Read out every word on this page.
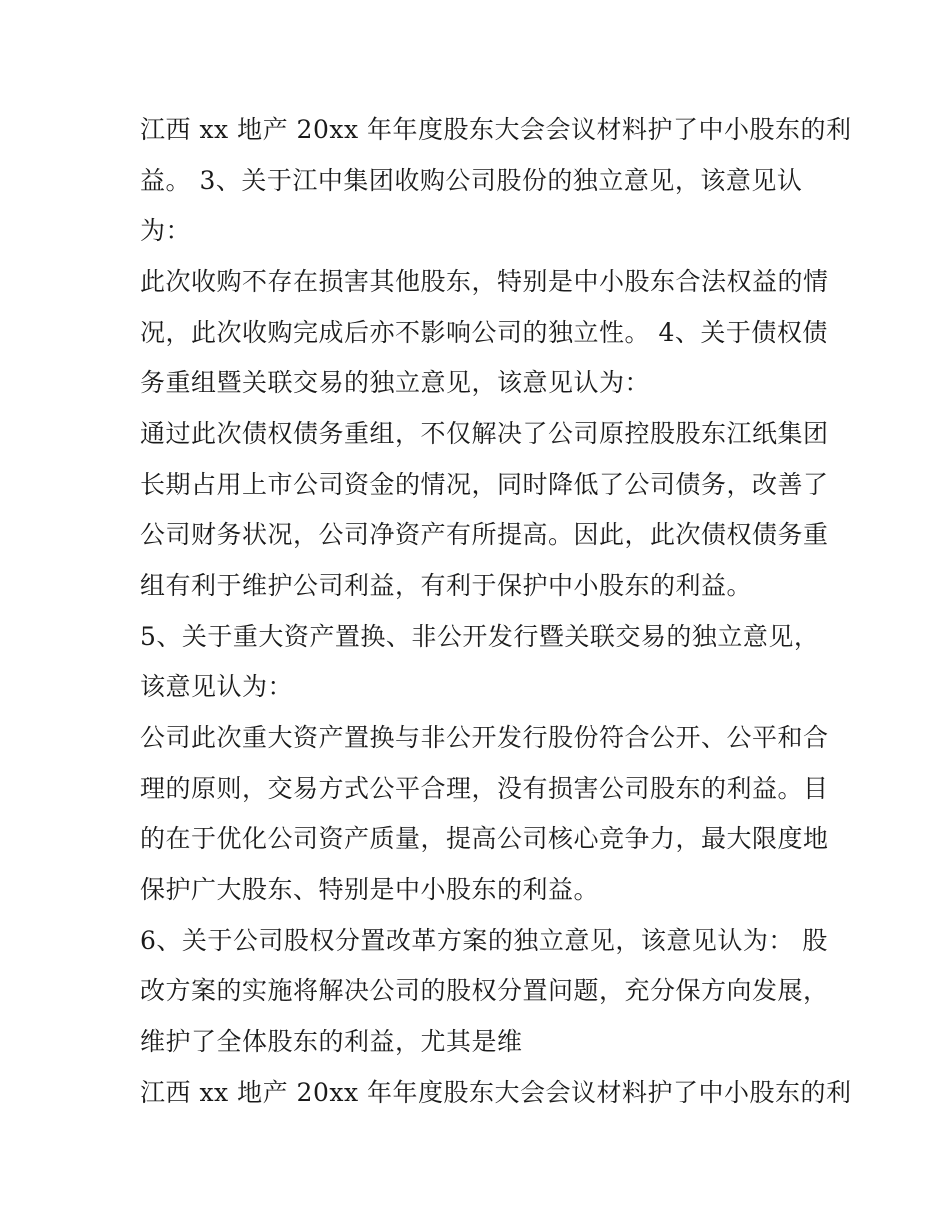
江西 xx 地产 20xx 年年度股东大会会议材料护了中小股东的利
益。 3、关于江中集团收购公司股份的独立意见，该意见认
为：
此次收购不存在损害其他股东，特别是中小股东合法权益的情
况，此次收购完成后亦不影响公司的独立性。 4、关于债权债
务重组暨关联交易的独立意见，该意见认为：
通过此次债权债务重组，不仅解决了公司原控股股东江纸集团
长期占用上市公司资金的情况，同时降低了公司债务，改善了
公司财务状况，公司净资产有所提高。因此，此次债权债务重
组有利于维护公司利益，有利于保护中小股东的利益。
5、关于重大资产置换、非公开发行暨关联交易的独立意见，
该意见认为：
公司此次重大资产置换与非公开发行股份符合公开、公平和合
理的原则，交易方式公平合理，没有损害公司股东的利益。目
的在于优化公司资产质量，提高公司核心竞争力，最大限度地
保护广大股东、特别是中小股东的利益。
6、关于公司股权分置改革方案的独立意见，该意见认为： 股
改方案的实施将解决公司的股权分置问题，充分保方向发展，
维护了全体股东的利益，尤其是维
江西 xx 地产 20xx 年年度股东大会会议材料护了中小股东的利
